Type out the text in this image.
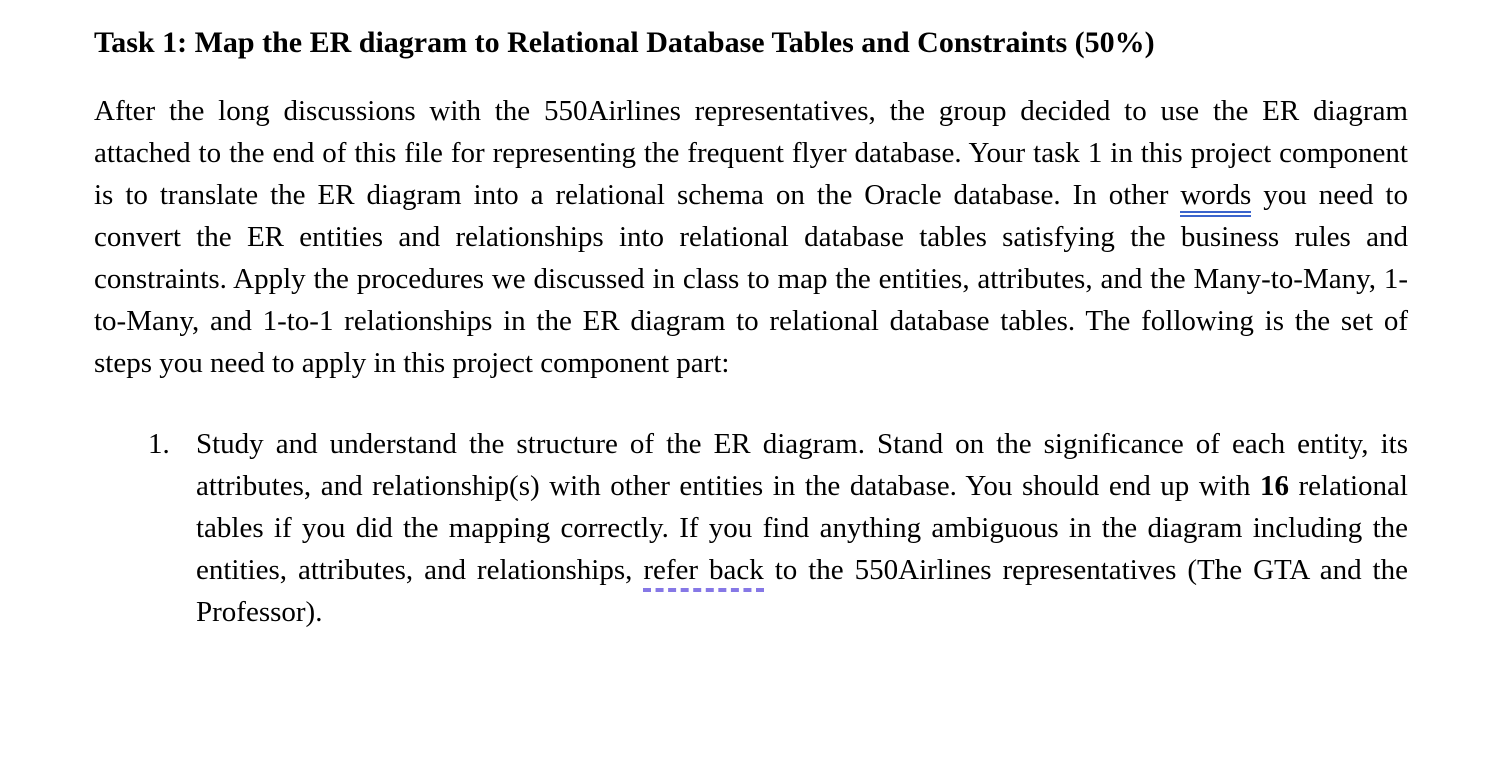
Task 1: Map the ER diagram to Relational Database Tables and Constraints (50%)

After the long discussions with the 550Airlines representatives, the group decided to use the ER diagram attached to the end of this file for representing the frequent flyer database. Your task 1 in this project component is to translate the ER diagram into a relational schema on the Oracle database. In other words you need to convert the ER entities and relationships into relational database tables satisfying the business rules and constraints. Apply the procedures we discussed in class to map the entities, attributes, and the Many-to-Many, 1-to-Many, and 1-to-1 relationships in the ER diagram to relational database tables. The following is the set of steps you need to apply in this project component part:

1. Study and understand the structure of the ER diagram. Stand on the significance of each entity, its attributes, and relationship(s) with other entities in the database. You should end up with 16 relational tables if you did the mapping correctly. If you find anything ambiguous in the diagram including the entities, attributes, and relationships, refer back to the 550Airlines representatives (The GTA and the Professor).
